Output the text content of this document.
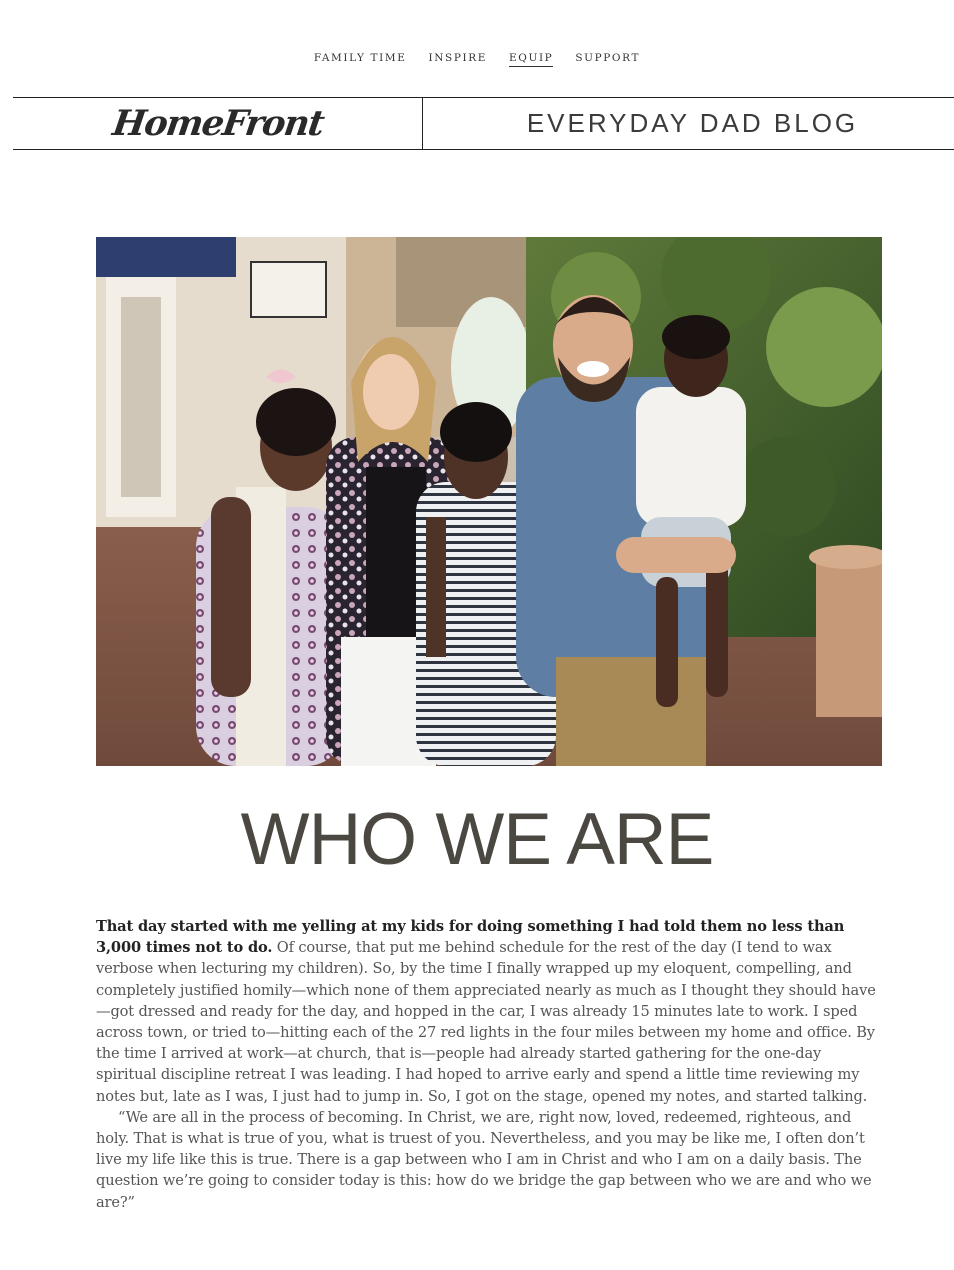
FAMILY TIME INSPIRE EQUIP SUPPORT
HomeFront	EVERYDAY DAD BLOG
WHO WE ARE

That day started with me yelling at my kids for doing something I had told them no less than 3,000 times not to do. Of course, that put me behind schedule for the rest of the day (I tend to wax verbose when lecturing my children). So, by the time I finally wrapped up my eloquent, compelling, and completely justified homily—which none of them appreciated nearly as much as I thought they should have—got dressed and ready for the day, and hopped in the car, I was already 15 minutes late to work. I sped across town, or tried to—hitting each of the 27 red lights in the four miles between my home and office. By the time I arrived at work—at church, that is—people had already started gathering for the one-day spiritual discipline retreat I was leading. I had hoped to arrive early and spend a little time reviewing my notes but, late as I was, I just had to jump in. So, I got on the stage, opened my notes, and started talking.

“We are all in the process of becoming. In Christ, we are, right now, loved, redeemed, righteous, and holy. That is what is true of you, what is truest of you. Nevertheless, and you may be like me, I often don’t live my life like this is true. There is a gap between who I am in Christ and who I am on a daily basis. The question we’re going to consider today is this: how do we bridge the gap between who we are and who we are?”
